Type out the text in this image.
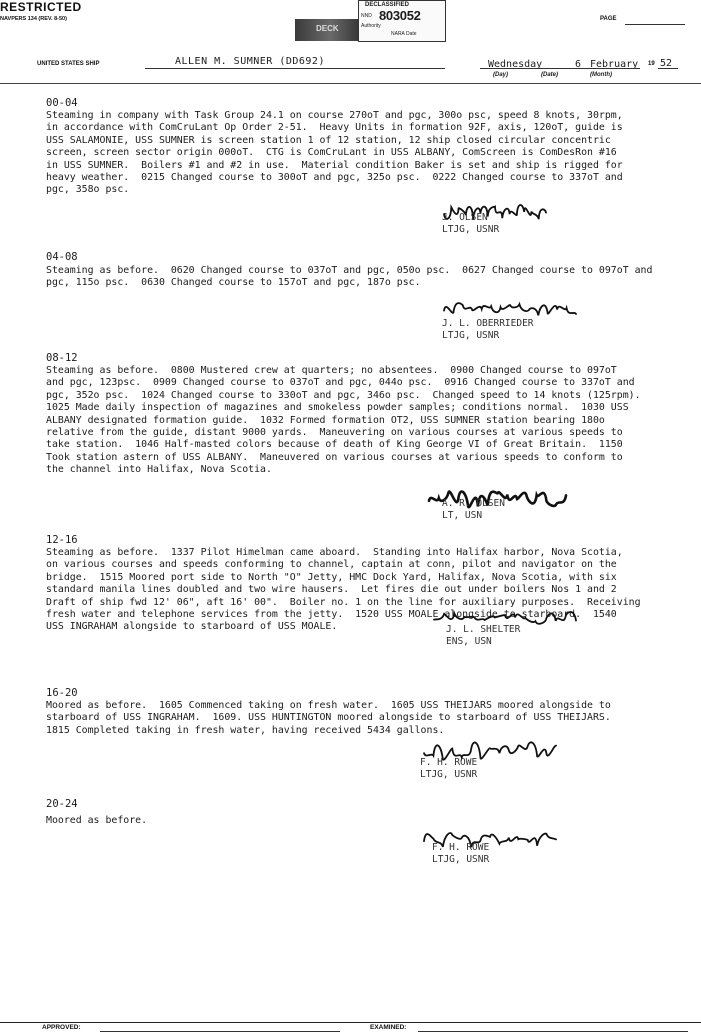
RESTRICTED
NAVPERS 134 (REV. 8-50)	PAGE
DECK
DECLASSIFIED
NND 803052
Authority
NARA Date
UNITED STATES SHIP	ALLEN M. SUMNER (DD692)	Wednesday	6 February 19 52
(Day)	(Date)	(Month)
00-04
Steaming in company with Task Group 24.1 on course 270oT and pgc, 300o psc, speed 8 knots, 30rpm,
in accordance with ComCruLant Op Order 2-51.  Heavy Units in formation 92F, axis, 120oT, guide is
USS SALAMONIE, USS SUMNER is screen station 1 of 12 station, 12 ship closed circular concentric
screen, screen sector origin 000oT.  CTG is ComCruLant in USS ALBANY, ComScreen is ComDesRon #16
in USS SUMNER.  Boilers #1 and #2 in use.  Material condition Baker is set and ship is rigged for
heavy weather.  0215 Changed course to 300oT and pgc, 325o psc.  0222 Changed course to 337oT and
pgc, 358o psc.
J. OLSEN
LTJG, USNR
04-08
Steaming as before.  0620 Changed course to 037oT and pgc, 050o psc.  0627 Changed course to 097oT and
pgc, 115o psc.  0630 Changed course to 157oT and pgc, 187o psc.
J. L. OBERRIEDER
LTJG, USNR
08-12
Steaming as before.  0800 Mustered crew at quarters; no absentees.  0900 Changed course to 097oT
and pgc, 123psc.  0909 Changed course to 037oT and pgc, 044o psc.  0916 Changed course to 337oT and
pgc, 352o psc.  1024 Changed course to 330oT and pgc, 346o psc.  Changed speed to 14 knots (125rpm).
1025 Made daily inspection of magazines and smokeless powder samples; conditions normal.  1030 USS
ALBANY designated formation guide.  1032 Formed formation OT2, USS SUMNER station bearing 180o
relative from the guide, distant 9000 yards.  Maneuvering on various courses at various speeds to
take station.  1046 Half-masted colors because of death of King George VI of Great Britain.  1150
Took station astern of USS ALBANY.  Maneuvered on various courses at various speeds to conform to
the channel into Halifax, Nova Scotia.
A. R. OLSEN
LT, USN
12-16
Steaming as before.  1337 Pilot Himelman came aboard.  Standing into Halifax harbor, Nova Scotia,
on various courses and speeds conforming to channel, captain at conn, pilot and navigator on the
bridge.  1515 Moored port side to North "O" Jetty, HMC Dock Yard, Halifax, Nova Scotia, with six
standard manila lines doubled and two wire hausers.  Let fires die out under boilers Nos 1 and 2
Draft of ship fwd 12' 06", aft 16' 00".  Boiler no. 1 on the line for auxiliary purposes.  Receiving
fresh water and telephone services from the jetty.  1520 USS MOALE alongside to starboard.  1540
USS INGRAHAM alongside to starboard of USS MOALE.	J. L. SHELTER
ENS, USN
16-20
Moored as before.  1605 Commenced taking on fresh water.  1605 USS THEIJARS moored alongside to
starboard of USS INGRAHAM.  1609. USS HUNTINGTON moored alongside to starboard of USS THEIJARS.
1815 Completed taking in fresh water, having received 5434 gallons.
F. H. ROWE
LTJG, USNR
20-24
Moored as before.
F. H. ROWE
LTJG, USNR
APPROVED:	EXAMINED:
